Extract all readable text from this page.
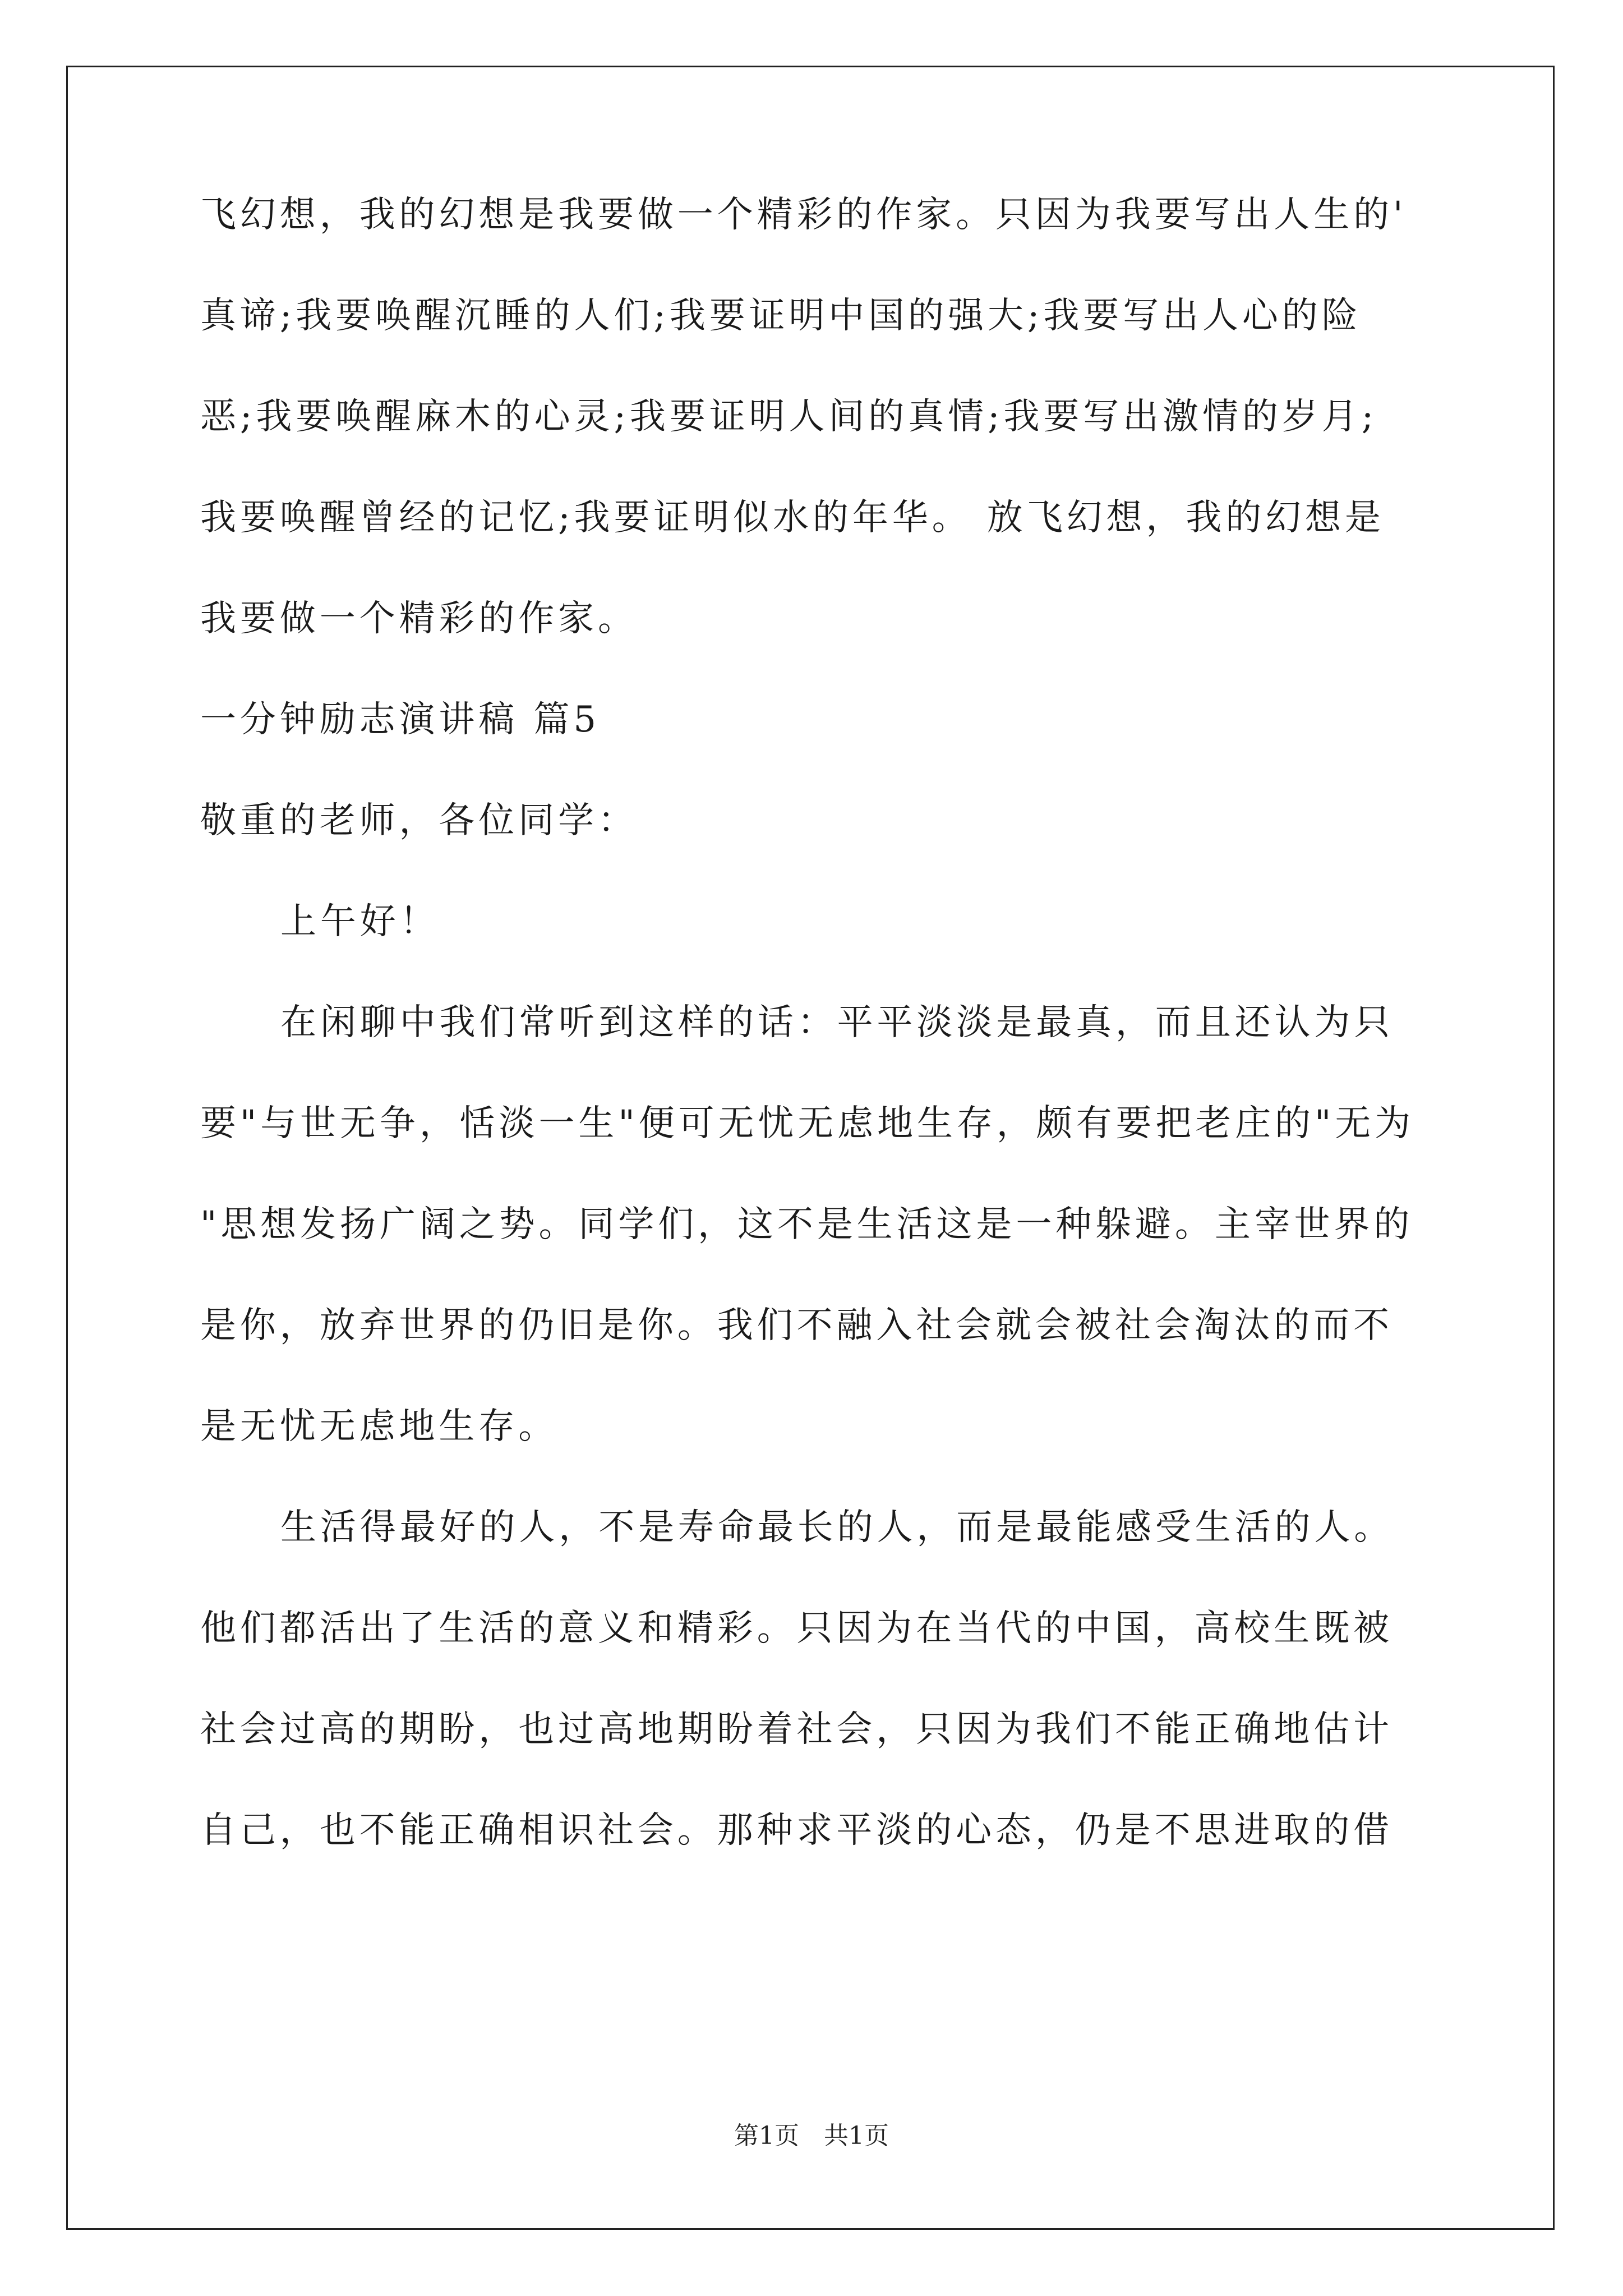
飞幻想，我的幻想是我要做一个精彩的作家。只因为我要写出人生的'
真谛;我要唤醒沉睡的人们;我要证明中国的强大;我要写出人心的险
恶;我要唤醒麻木的心灵;我要证明人间的真情;我要写出激情的岁月;
我要唤醒曾经的记忆;我要证明似水的年华。 放飞幻想，我的幻想是
我要做一个精彩的作家。
一分钟励志演讲稿 篇5
敬重的老师，各位同学：
上午好！
在闲聊中我们常听到这样的话：平平淡淡是最真，而且还认为只
要"与世无争，恬淡一生"便可无忧无虑地生存，颇有要把老庄的"无为
"思想发扬广阔之势。同学们，这不是生活这是一种躲避。主宰世界的
是你，放弃世界的仍旧是你。我们不融入社会就会被社会淘汰的而不
是无忧无虑地生存。
生活得最好的人，不是寿命最长的人，而是最能感受生活的人。
他们都活出了生活的意义和精彩。只因为在当代的中国，高校生既被
社会过高的期盼，也过高地期盼着社会，只因为我们不能正确地估计
自己，也不能正确相识社会。那种求平淡的心态，仍是不思进取的借
第1页　共1页
